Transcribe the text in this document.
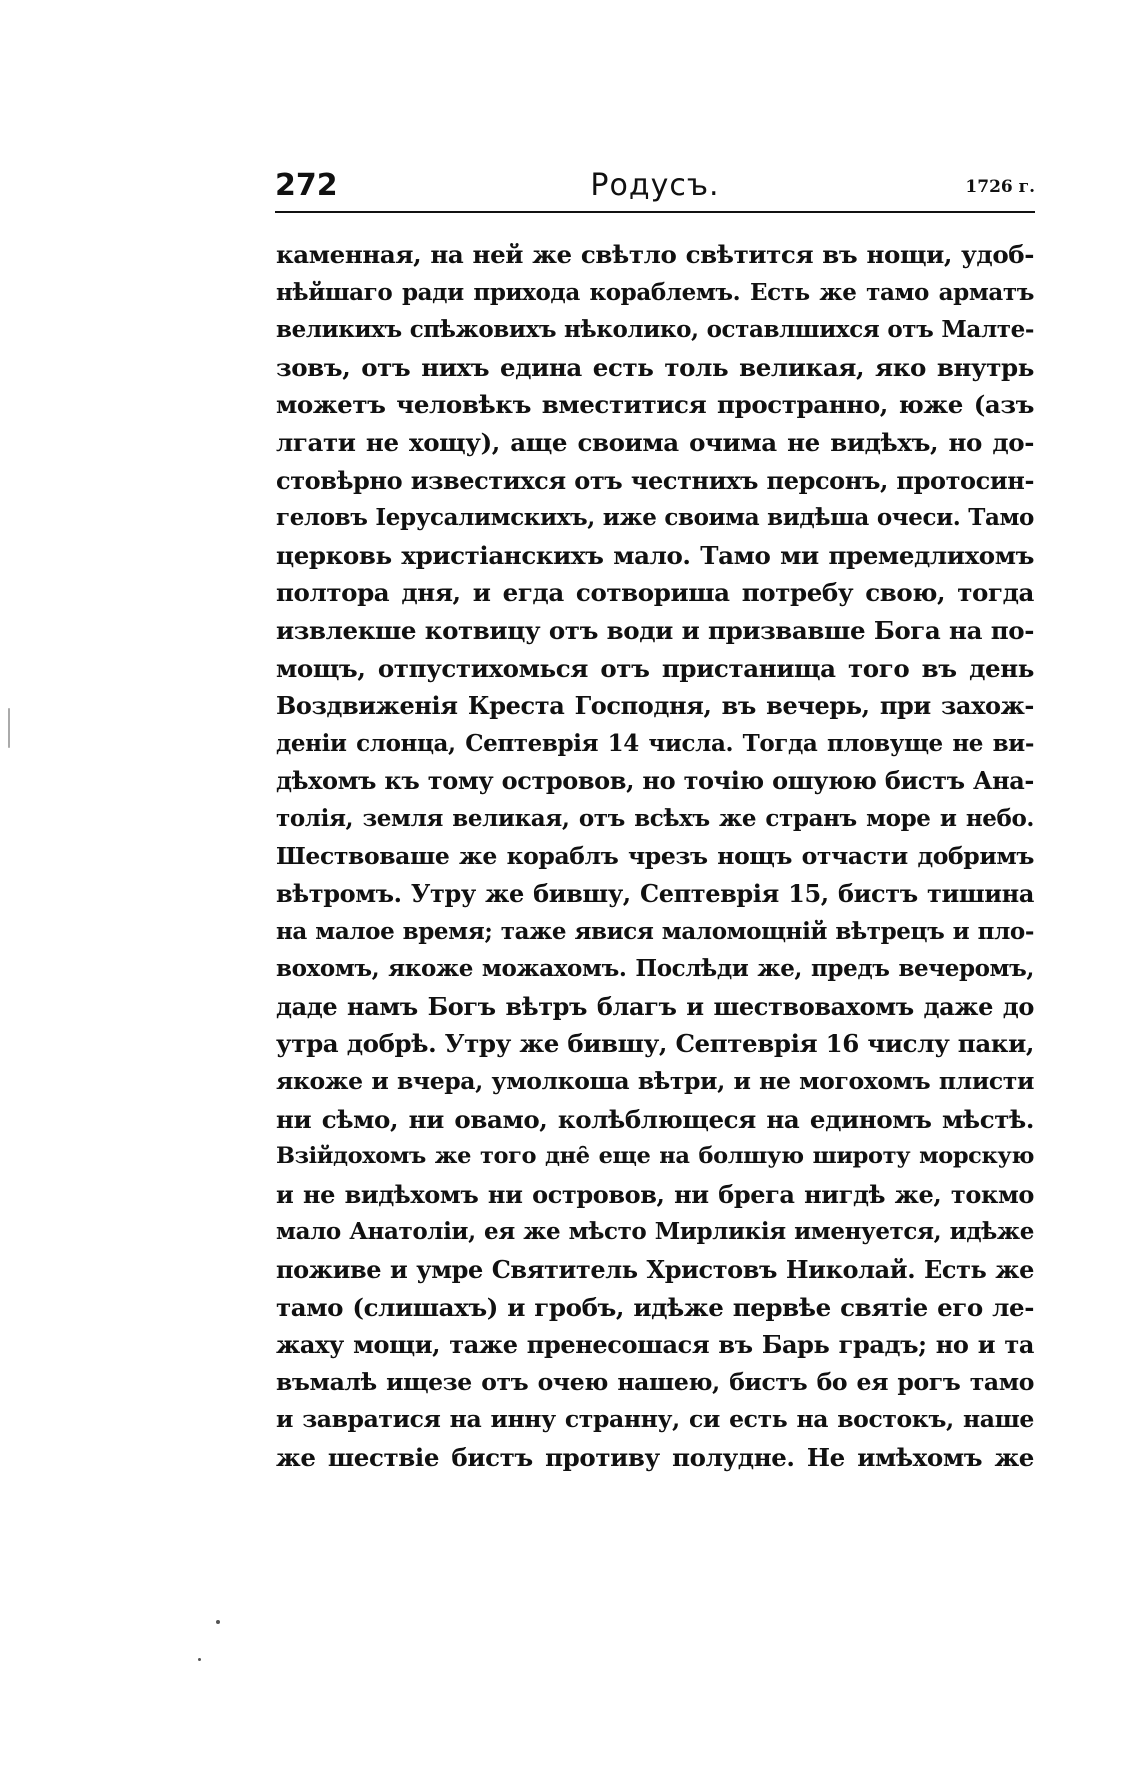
272	Родусъ.	1726 г.
каменная, на ней же свѣтло свѣтится въ нощи, удоб-
нѣйшаго ради прихода кораблемъ. Есть же тамо арматъ
великихъ спѣжовихъ нѣколико, оставлшихся отъ Малте-
зовъ, отъ нихъ едина есть толь великая, яко внутрь
можетъ человѣкъ вместитися пространно, юже (азъ
лгати не хощу), аще своима очима не видѣхъ, но до-
стовѣрно известихся отъ честнихъ персонъ, протосин-
геловъ Іерусалимскихъ, иже своима видѣша очеси. Тамо
церковь христіанскихъ мало. Тамо ми премедлихомъ
полтора дня, и егда сотвориша потребу свою, тогда
извлекше котвицу отъ води и призвавше Бога на по-
мощъ, отпустихомься отъ пристанища того въ день
Воздвиженія Креста Господня, въ вечерь, при захож-
деніи слонца, Септеврія 14 числа. Тогда пловуще не ви-
дѣхомъ къ тому островов, но точію ошуюю бистъ Ана-
толія, земля великая, отъ всѣхъ же странъ море и небо.
Шествоваше же кораблъ чрезъ нощъ отчасти добримъ
вѣтромъ. Утру же бившу, Септеврія 15, бистъ тишина
на малое время; таже явися маломощній вѣтрецъ и пло-
вохомъ, якоже можахомъ. Послѣди же, предъ вечеромъ,
даде намъ Богъ вѣтръ благъ и шествовахомъ даже до
утра добрѣ. Утру же бившу, Септеврія 16 числу паки,
якоже и вчера, умолкоша вѣтри, и не могохомъ плисти
ни сѣмо, ни овамо, колѣблющеся на единомъ мѣстѣ.
Взійдохомъ же того дне̑ еще на болшую широту морскую
и не видѣхомъ ни островов, ни брега нигдѣ же, токмо
мало Анатоліи, ея же мѣсто Мирликія именуется, идѣже
поживе и умре Святитель Христовъ Николай. Есть же
тамо (слишахъ) и гробъ, идѣже первѣе святіе его ле-
жаху мощи, таже пренесошася въ Барь градъ; но и та
въмалѣ ищезе отъ очею нашею, бистъ бо ея рогъ тамо
и завратися на инну странну, си есть на востокъ, наше
же шествіе бистъ противу полудне. Не имѣхомъ же
